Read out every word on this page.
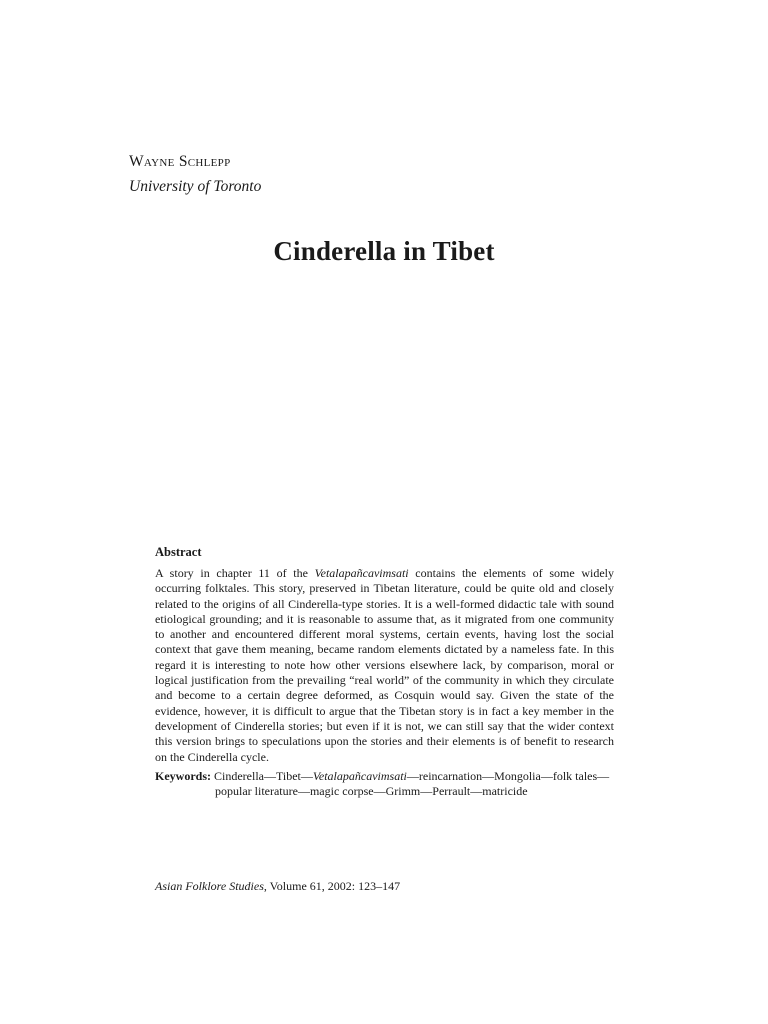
Wayne Schlepp
University of Toronto
Cinderella in Tibet
Abstract

A story in chapter 11 of the Vetalapañcavimsati contains the elements of some widely occurring folktales. This story, preserved in Tibetan literature, could be quite old and closely related to the origins of all Cinderella-type stories. It is a well-formed didactic tale with sound etiological grounding; and it is reasonable to assume that, as it migrated from one community to another and encountered different moral systems, certain events, having lost the social context that gave them meaning, became random elements dictated by a nameless fate. In this regard it is interesting to note how other versions elsewhere lack, by comparison, moral or logical justification from the prevailing “real world” of the community in which they circulate and become to a certain degree deformed, as Cosquin would say. Given the state of the evidence, however, it is difficult to argue that the Tibetan story is in fact a key member in the development of Cinderella stories; but even if it is not, we can still say that the wider context this version brings to speculations upon the stories and their elements is of benefit to research on the Cinderella cycle.

Keywords: Cinderella—Tibet—Vetalapañcavimsati—reincarnation—Mongolia—folk tales—popular literature—magic corpse—Grimm—Perrault—matricide
Asian Folklore Studies, Volume 61, 2002: 123–147
